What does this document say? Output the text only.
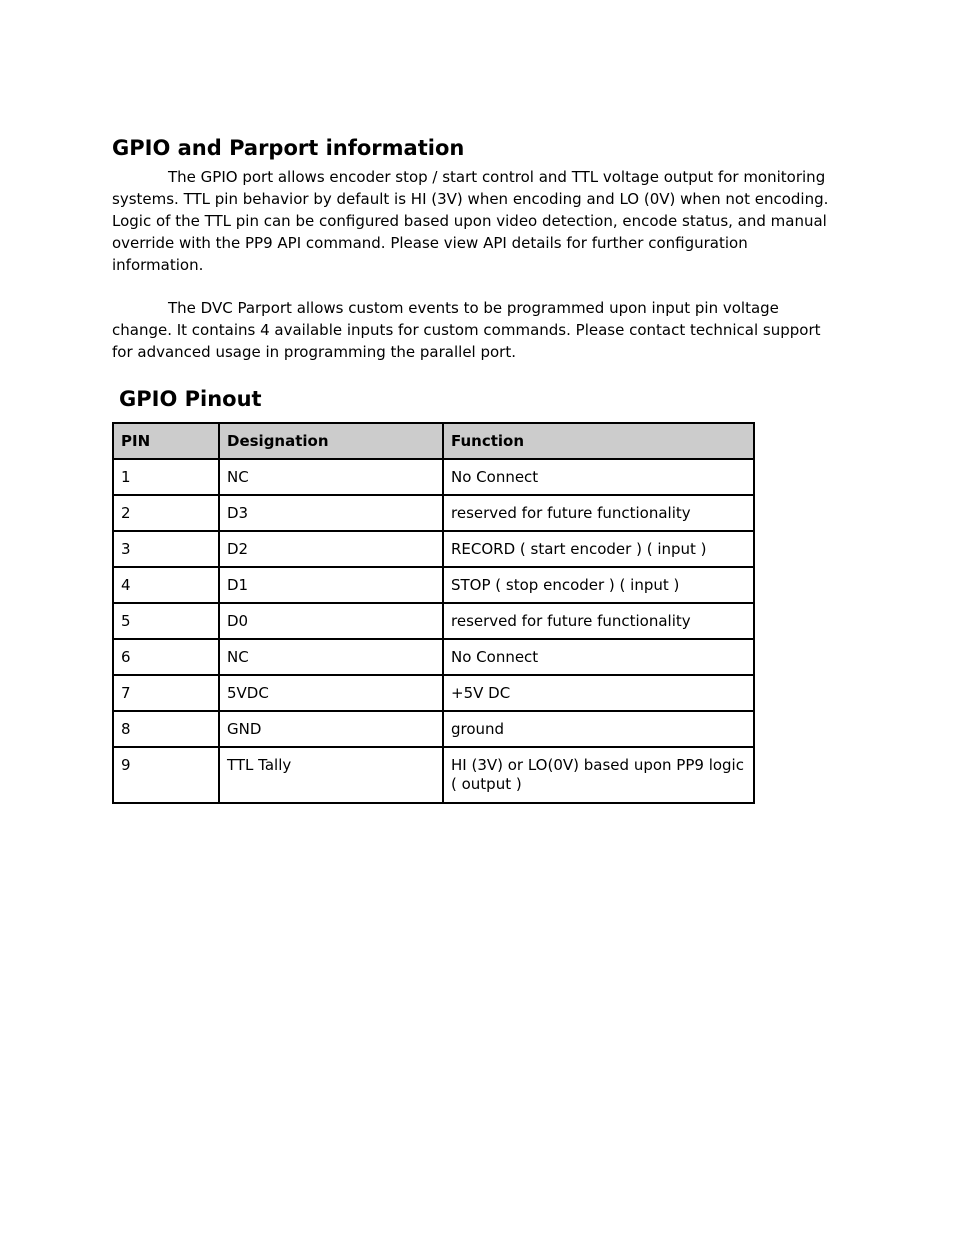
GPIO and Parport information

The GPIO port allows encoder stop / start control and TTL voltage output for monitoring systems. TTL pin behavior by default is HI (3V) when encoding and LO (0V) when not encoding. Logic of the TTL pin can be configured based upon video detection, encode status, and manual override with the PP9 API command. Please view API details for further configuration information.

The DVC Parport allows custom events to be programmed upon input pin voltage change. It contains 4 available inputs for custom commands. Please contact technical support for advanced usage in programming the parallel port.

GPIO Pinout
PIN	Designation	Function
1	NC	No Connect
2	D3	reserved for future functionality
3	D2	RECORD ( start encoder ) ( input )
4	D1	STOP ( stop encoder ) ( input )
5	D0	reserved for future functionality
6	NC	No Connect
7	5VDC	+5V DC
8	GND	ground
9	TTL Tally	HI (3V) or LO(0V) based upon PP9 logic ( output )
